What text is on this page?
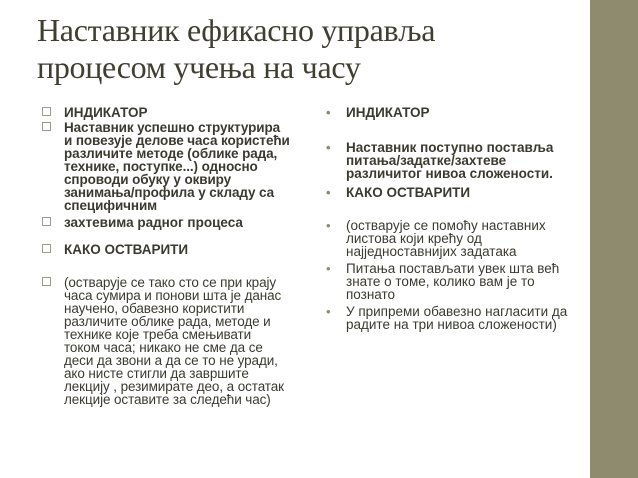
Наставник ефикасно управља
процесом учења на часу
ИНДИКАТОР
Наставник успешно структурира и повезује делове часа користећи различите методе (облике рада, технике, поступке...) односно спроводи обуку у оквиру занимања/профила у складу са специфичним
захтевима радног процеса
КАКО ОСТВАРИТИ
(остварује се тако сто се при крају часа сумира и понови шта је данас научено, обавезно користити различите облике рада, методе и технике које треба смењивати током часа; никако не сме да се деси да звони а да се то не уради, ако нисте стигли да завршите лекцију , резимирате део, а остатак лекције оставите за следећи час)
• ИНДИКАТОР
• Наставник поступно поставља питања/задатке/захтеве различитог нивоа сложености.
• КАКО ОСТВАРИТИ
• (остварује се помоћу наставних листова који крећу од најједноставнијих задатака
• Питања постављати увек шта већ знате о томе, колико вам је то познато
• У припреми обавезно нагласити да радите на три нивоа сложености)
